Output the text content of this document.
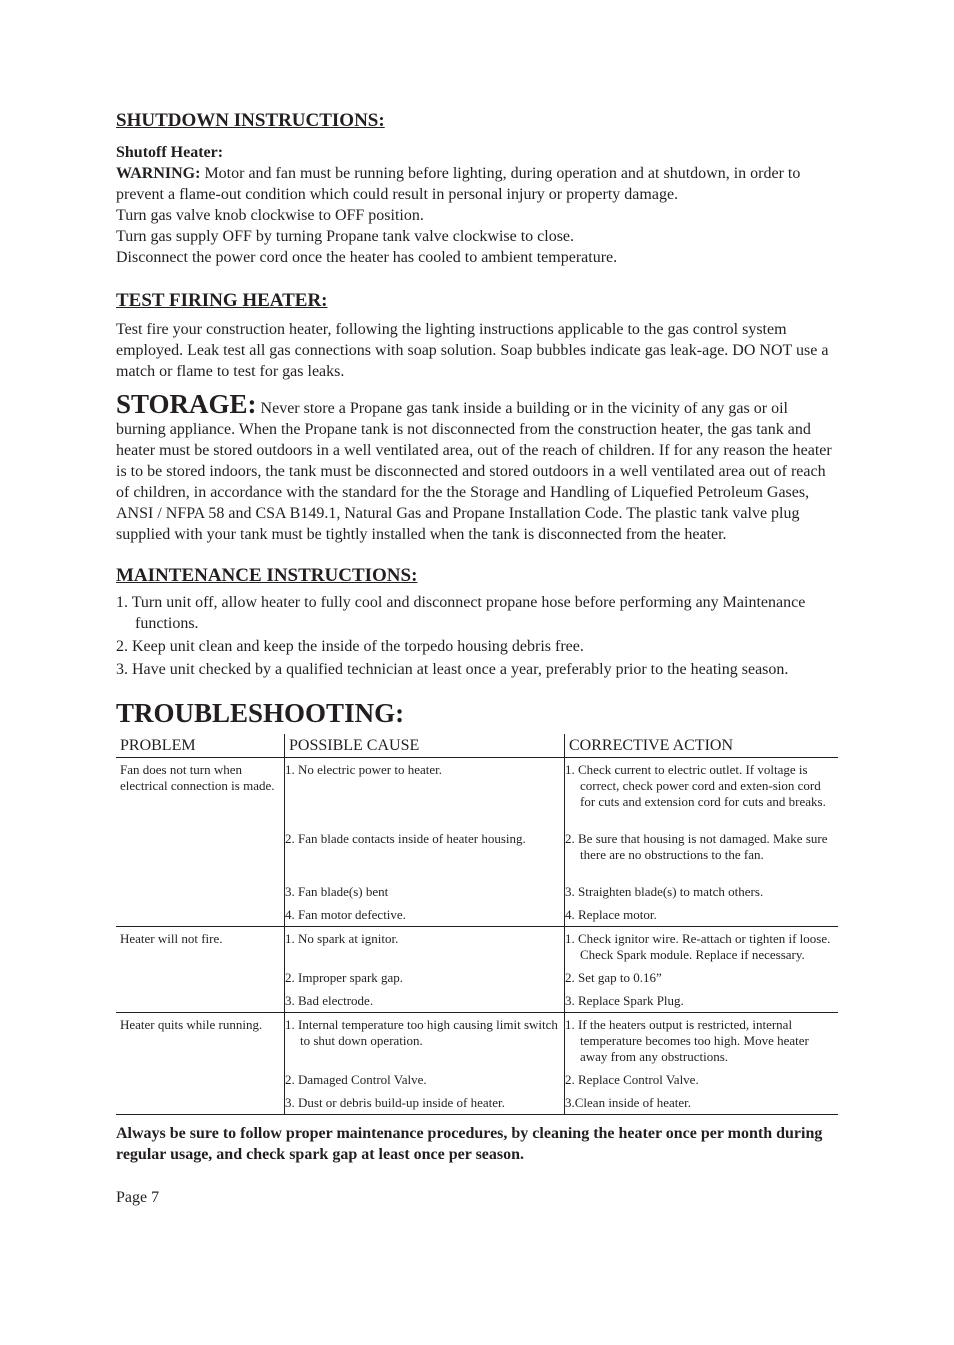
SHUTDOWN INSTRUCTIONS:

Shutoff Heater:

WARNING: Motor and fan must be running before lighting, during operation and at shutdown, in order to prevent a flame-out condition which could result in personal injury or property damage.

Turn gas valve knob clockwise to OFF position.

Turn gas supply OFF by turning Propane tank valve clockwise to close.

Disconnect the power cord once the heater has cooled to ambient temperature.

TEST FIRING HEATER:

Test fire your construction heater, following the lighting instructions applicable to the gas control system employed. Leak test all gas connections with soap solution. Soap bubbles indicate gas leak-age. DO NOT use a match or flame to test for gas leaks.

STORAGE: Never store a Propane gas tank inside a building or in the vicinity of any gas or oil burning appliance. When the Propane tank is not disconnected from the construction heater, the gas tank and heater must be stored outdoors in a well ventilated area, out of the reach of children. If for any reason the heater is to be stored indoors, the tank must be disconnected and stored outdoors in a well ventilated area out of reach of children, in accordance with the standard for the the Storage and Handling of Liquefied Petroleum Gases, ANSI / NFPA 58 and CSA B149.1, Natural Gas and Propane Installation Code. The plastic tank valve plug supplied with your tank must be tightly installed when the tank is disconnected from the heater.

MAINTENANCE INSTRUCTIONS:
1. Turn unit off, allow heater to fully cool and disconnect propane hose before performing any Maintenance functions.
2. Keep unit clean and keep the inside of the torpedo housing debris free.
3. Have unit checked by a qualified technician at least once a year, preferably prior to the heating season.
TROUBLESHOOTING:
PROBLEM	POSSIBLE CAUSE	CORRECTIVE ACTION
Fan does not turn when electrical connection is made.	1. No electric power to heater.	1. Check current to electric outlet. If voltage is correct, check power cord and exten-sion cord for cuts and extension cord for cuts and breaks.
	2. Fan blade contacts inside of heater housing.	2. Be sure that housing is not damaged. Make sure there are no obstructions to the fan.
	3. Fan blade(s) bent	3. Straighten blade(s) to match others.
	4. Fan motor defective.	4. Replace motor.
Heater will not fire.	1. No spark at ignitor.	1. Check ignitor wire. Re-attach or tighten if loose. Check Spark module. Replace if necessary.
	2. Improper spark gap.	2. Set gap to 0.16”
	3. Bad electrode.	3. Replace Spark Plug.
Heater quits while running.	1. Internal temperature too high causing limit switch to shut down operation.	1. If the heaters output is restricted, internal temperature becomes too high. Move heater away from any obstructions.
	2. Damaged Control Valve.	2. Replace Control Valve.
	3. Dust or debris build-up inside of heater.	3.Clean inside of heater.

Always be sure to follow proper maintenance procedures, by cleaning the heater once per month during regular usage, and check spark gap at least once per season.

Page 7
